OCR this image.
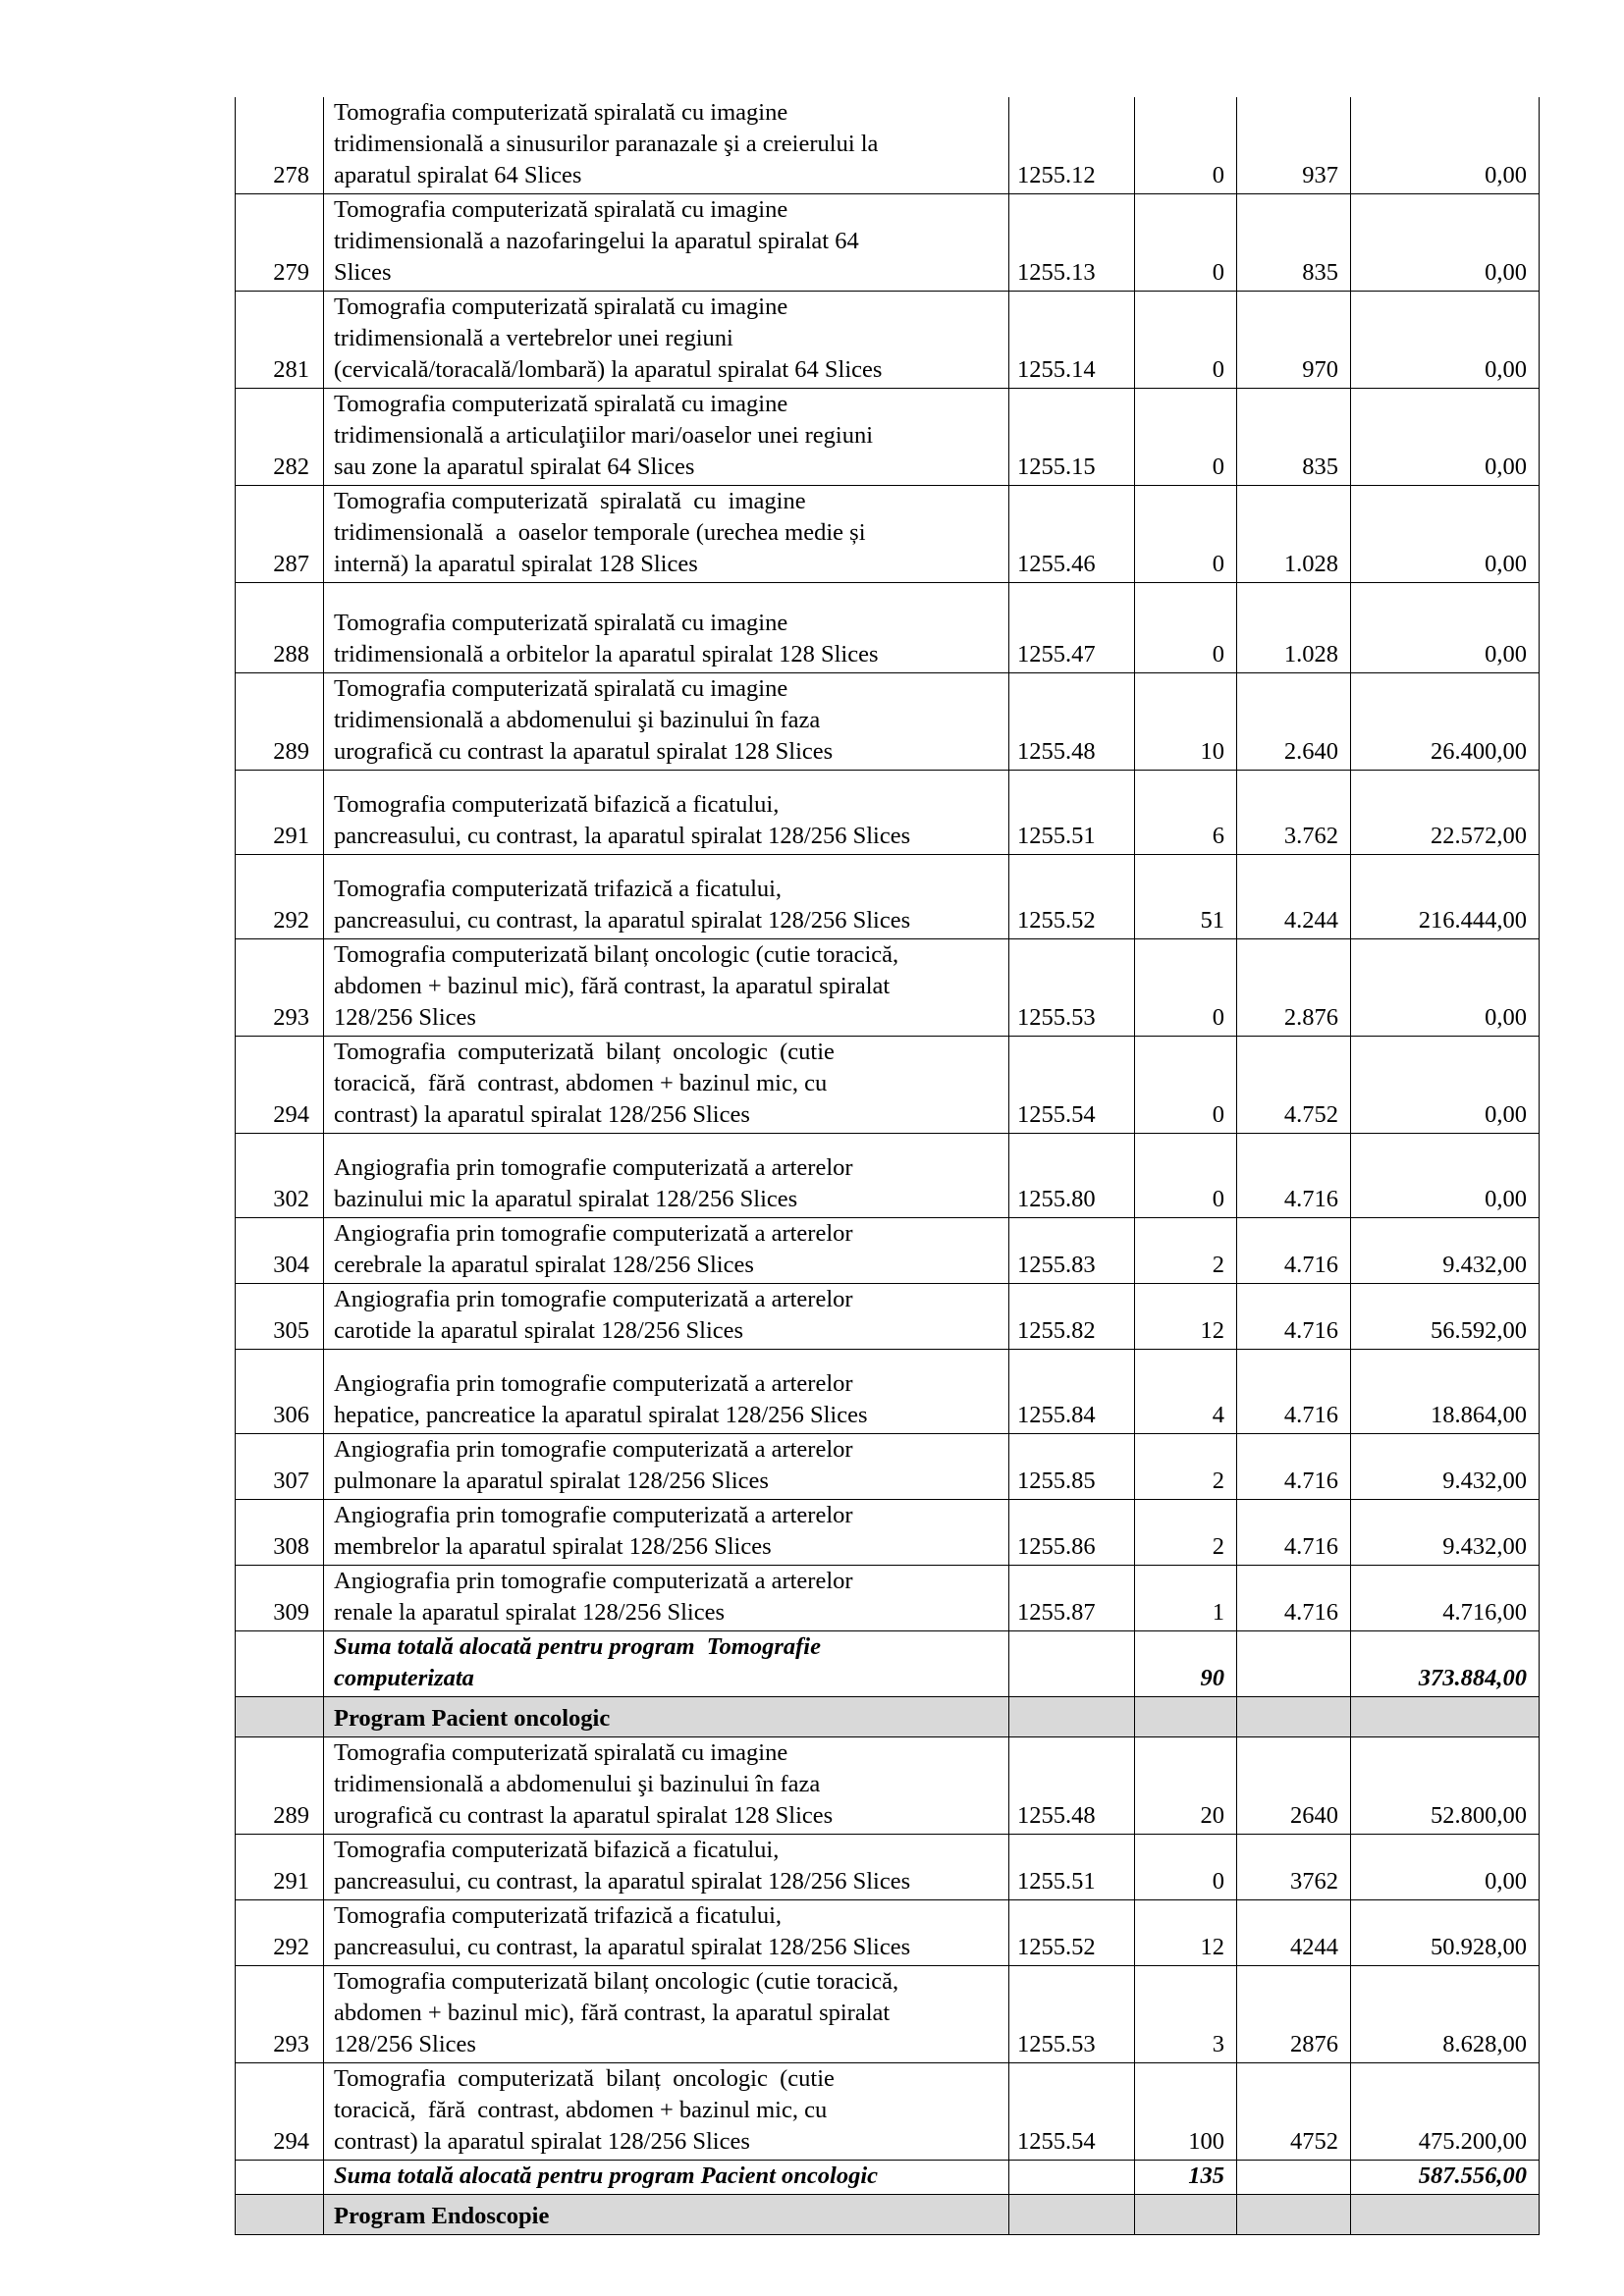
278	Tomografia computerizată spiralată cu imagine
tridimensională a sinusurilor paranazale şi a creierului la
aparatul spiralat 64 Slices	1255.12	0	937	0,00
279	Tomografia computerizată spiralată cu imagine
tridimensională a nazofaringelui la aparatul spiralat 64
Slices	1255.13	0	835	0,00
281	Tomografia computerizată spiralată cu imagine
tridimensională a vertebrelor unei regiuni
(cervicală/toracală/lombară) la aparatul spiralat 64 Slices	1255.14	0	970	0,00
282	Tomografia computerizată spiralată cu imagine
tridimensională a articulaţiilor mari/oaselor unei regiuni
sau zone la aparatul spiralat 64 Slices	1255.15	0	835	0,00
287	Tomografia computerizată  spiralată  cu  imagine
tridimensională  a  oaselor temporale (urechea medie și
internă) la aparatul spiralat 128 Slices	1255.46	0	1.028	0,00
288	Tomografia computerizată spiralată cu imagine
tridimensională a orbitelor la aparatul spiralat 128 Slices	1255.47	0	1.028	0,00
289	Tomografia computerizată spiralată cu imagine
tridimensională a abdomenului şi bazinului în faza
urografică cu contrast la aparatul spiralat 128 Slices	1255.48	10	2.640	26.400,00
291	Tomografia computerizată bifazică a ficatului,
pancreasului, cu contrast, la aparatul spiralat 128/256 Slices	1255.51	6	3.762	22.572,00
292	Tomografia computerizată trifazică a ficatului,
pancreasului, cu contrast, la aparatul spiralat 128/256 Slices	1255.52	51	4.244	216.444,00
293	Tomografia computerizată bilanț oncologic (cutie toracică,
abdomen + bazinul mic), fără contrast, la aparatul spiralat
128/256 Slices	1255.53	0	2.876	0,00
294	Tomografia  computerizată  bilanț  oncologic  (cutie
toracică,  fără  contrast, abdomen + bazinul mic, cu
contrast) la aparatul spiralat 128/256 Slices	1255.54	0	4.752	0,00
302	Angiografia prin tomografie computerizată a arterelor
bazinului mic la aparatul spiralat 128/256 Slices	1255.80	0	4.716	0,00
304	Angiografia prin tomografie computerizată a arterelor
cerebrale la aparatul spiralat 128/256 Slices	1255.83	2	4.716	9.432,00
305	Angiografia prin tomografie computerizată a arterelor
carotide la aparatul spiralat 128/256 Slices	1255.82	12	4.716	56.592,00
306	Angiografia prin tomografie computerizată a arterelor
hepatice, pancreatice la aparatul spiralat 128/256 Slices	1255.84	4	4.716	18.864,00
307	Angiografia prin tomografie computerizată a arterelor
pulmonare la aparatul spiralat 128/256 Slices	1255.85	2	4.716	9.432,00
308	Angiografia prin tomografie computerizată a arterelor
membrelor la aparatul spiralat 128/256 Slices	1255.86	2	4.716	9.432,00
309	Angiografia prin tomografie computerizată a arterelor
renale la aparatul spiralat 128/256 Slices	1255.87	1	4.716	4.716,00

	Suma totală alocată pentru program  Tomografie
computerizata		90		373.884,00

	Program Pacient oncologic				

289	Tomografia computerizată spiralată cu imagine
tridimensională a abdomenului şi bazinului în faza
urografică cu contrast la aparatul spiralat 128 Slices	1255.48	20	2640	52.800,00
291	Tomografia computerizată bifazică a ficatului,
pancreasului, cu contrast, la aparatul spiralat 128/256 Slices	1255.51	0	3762	0,00
292	Tomografia computerizată trifazică a ficatului,
pancreasului, cu contrast, la aparatul spiralat 128/256 Slices	1255.52	12	4244	50.928,00
293	Tomografia computerizată bilanț oncologic (cutie toracică,
abdomen + bazinul mic), fără contrast, la aparatul spiralat
128/256 Slices	1255.53	3	2876	8.628,00
294	Tomografia  computerizată  bilanț  oncologic  (cutie
toracică,  fără  contrast, abdomen + bazinul mic, cu
contrast) la aparatul spiralat 128/256 Slices	1255.54	100	4752	475.200,00

	Suma totală alocată pentru program Pacient oncologic		135		587.556,00

	Program Endoscopie				
